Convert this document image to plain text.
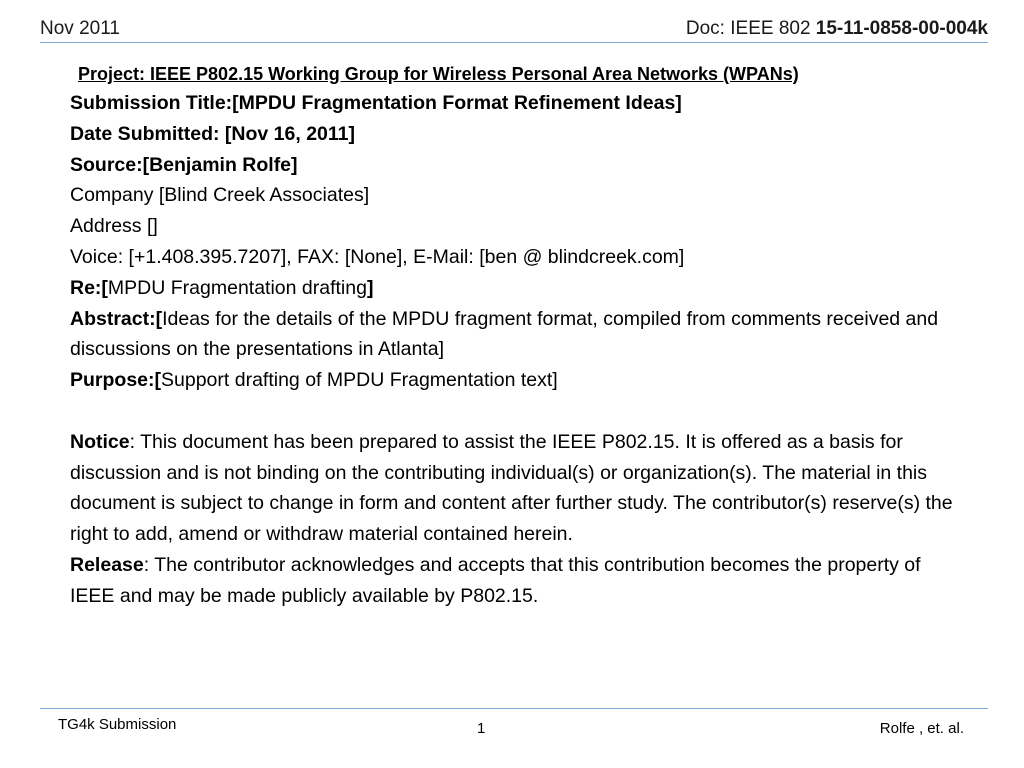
Nov 2011	Doc: IEEE 802 15-11-0858-00-004k
Project: IEEE P802.15 Working Group for Wireless Personal Area Networks (WPANs)
Submission Title:[MPDU Fragmentation Format Refinement Ideas]
Date Submitted: [Nov 16, 2011]
Source:[Benjamin Rolfe]
Company [Blind Creek Associates]
Address []
Voice: [+1.408.395.7207], FAX: [None], E-Mail: [ben @ blindcreek.com]
Re:[MPDU Fragmentation drafting]
Abstract:[Ideas for the details of the MPDU fragment format, compiled from comments received and discussions on the presentations in Atlanta]
Purpose:[Support drafting of MPDU Fragmentation text]
Notice: This document has been prepared to assist the IEEE P802.15. It is offered as a basis for discussion and is not binding on the contributing individual(s) or organization(s). The material in this document is subject to change in form and content after further study. The contributor(s) reserve(s) the right to add, amend or withdraw material contained herein.
Release: The contributor acknowledges and accepts that this contribution becomes the property of IEEE and may be made publicly available by P802.15.
TG4k Submission	1	Rolfe , et. al.
